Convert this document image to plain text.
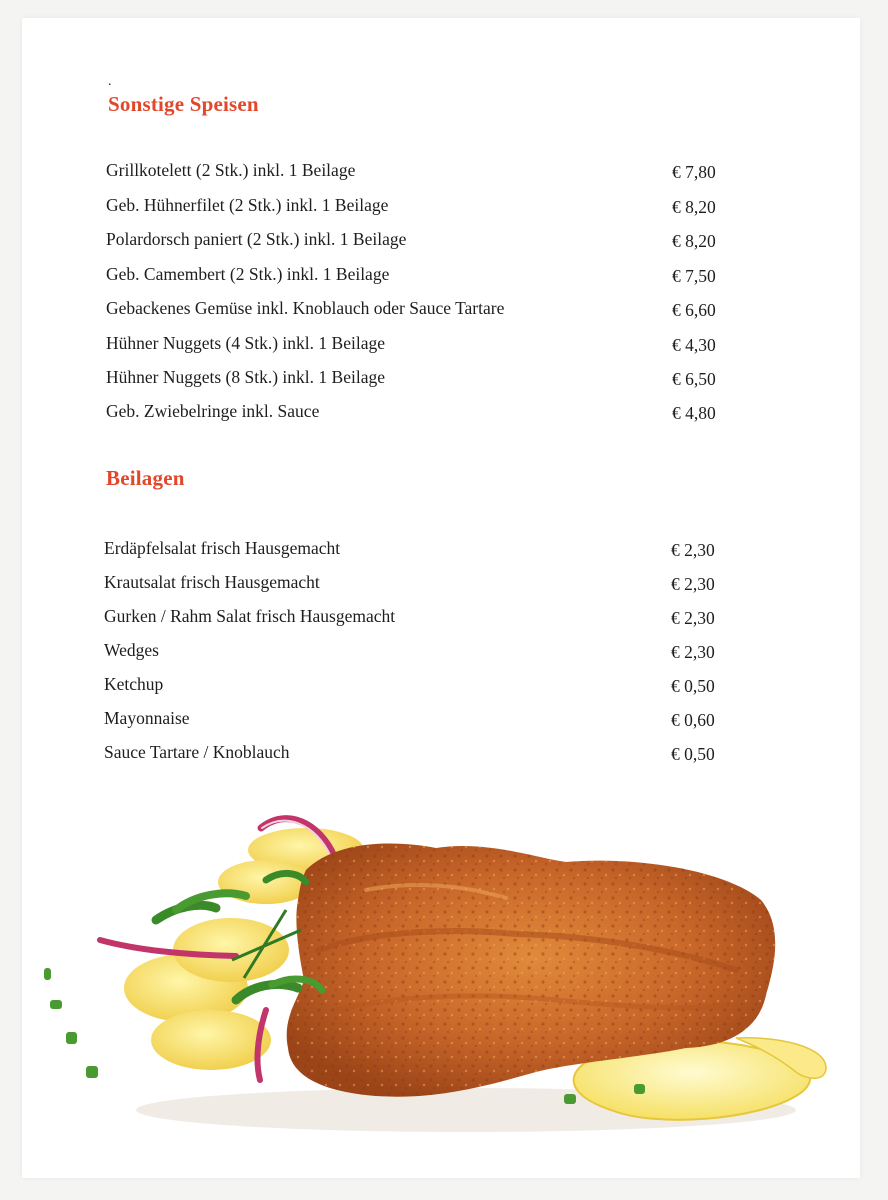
.
Sonstige Speisen
Grillkotelett (2 Stk.) inkl. 1 Beilage	€ 7,80
Geb. Hühnerfilet (2 Stk.) inkl. 1 Beilage	€ 8,20
Polardorsch paniert (2 Stk.) inkl. 1 Beilage	€ 8,20
Geb. Camembert (2 Stk.) inkl. 1 Beilage	€ 7,50
Gebackenes Gemüse inkl. Knoblauch oder Sauce Tartare	€ 6,60
Hühner Nuggets (4 Stk.) inkl. 1 Beilage	€ 4,30
Hühner Nuggets (8 Stk.) inkl. 1 Beilage	€ 6,50
Geb. Zwiebelringe inkl. Sauce	€ 4,80
Beilagen
Erdäpfelsalat frisch Hausgemacht	€ 2,30
Krautsalat frisch Hausgemacht	€ 2,30
Gurken / Rahm Salat frisch Hausgemacht	€ 2,30
Wedges	€ 2,30
Ketchup	€ 0,50
Mayonnaise	€ 0,60
Sauce Tartare / Knoblauch	€ 0,50
